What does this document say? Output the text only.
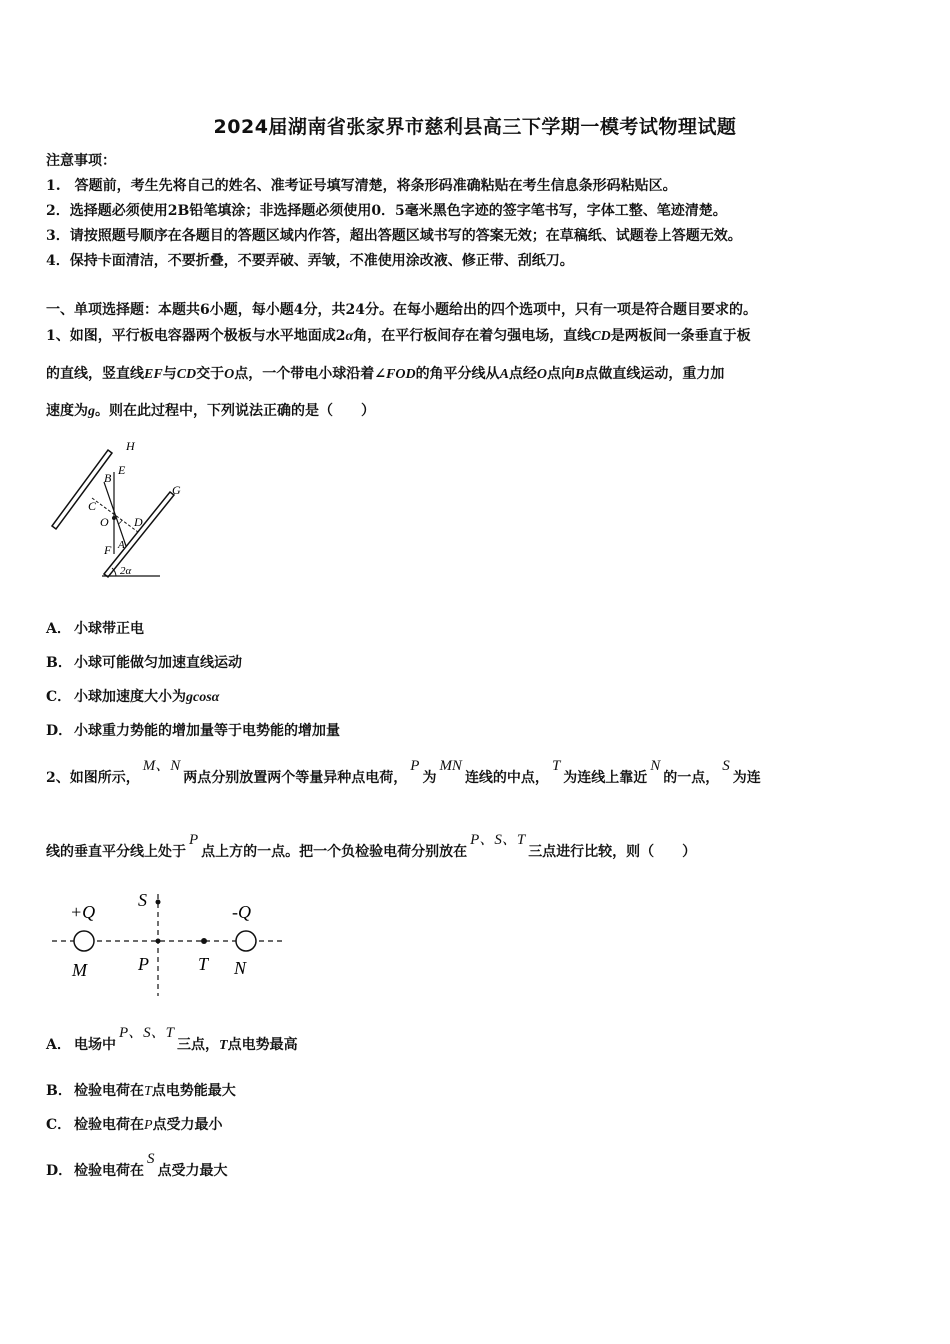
2024届湖南省张家界市慈利县高三下学期一模考试物理试题
注意事项：
1.　答题前，考生先将自己的姓名、准考证号填写清楚，将条形码准确粘贴在考生信息条形码粘贴区。
2．选择题必须使用2B铅笔填涂；非选择题必须使用0．5毫米黑色字迹的签字笔书写，字体工整、笔迹清楚。
3．请按照题号顺序在各题目的答题区域内作答，超出答题区域书写的答案无效；在草稿纸、试题卷上答题无效。
4．保持卡面清洁，不要折叠，不要弄破、弄皱，不准使用涂改液、修正带、刮纸刀。
一、单项选择题：本题共6小题，每小题4分，共24分。在每小题给出的四个选项中，只有一项是符合题目要求的。
1、如图，平行板电容器两个极板与水平地面成2α角，在平行板间存在着匀强电场，直线CD是两板间一条垂直于板
的直线，竖直线EF与CD交于O点，一个带电小球沿着∠FOD的角平分线从A点经O点向B点做直线运动，重力加
速度为g。则在此过程中，下列说法正确的是（　　）
H
E
B
C
O D
G
A
F
2α
A． 小球带正电
B． 小球可能做匀加速直线运动
C． 小球加速度大小为gcosα
D． 小球重力势能的增加量等于电势能的增加量
2、如图所示，M、N两点分别放置两个等量异种点电荷，P为MN连线的中点，T为连线上靠近N的一点，S为连
线的垂直平分线上处于P点上方的一点。把一个负检验电荷分别放在P、S、T三点进行比较，则（　　）
+Q	-Q
S
M	P	T N
A． 电场中P、S、T三点，T点电势最高
B． 检验电荷在T点电势能最大
C． 检验电荷在P点受力最小
D． 检验电荷在S点受力最大
